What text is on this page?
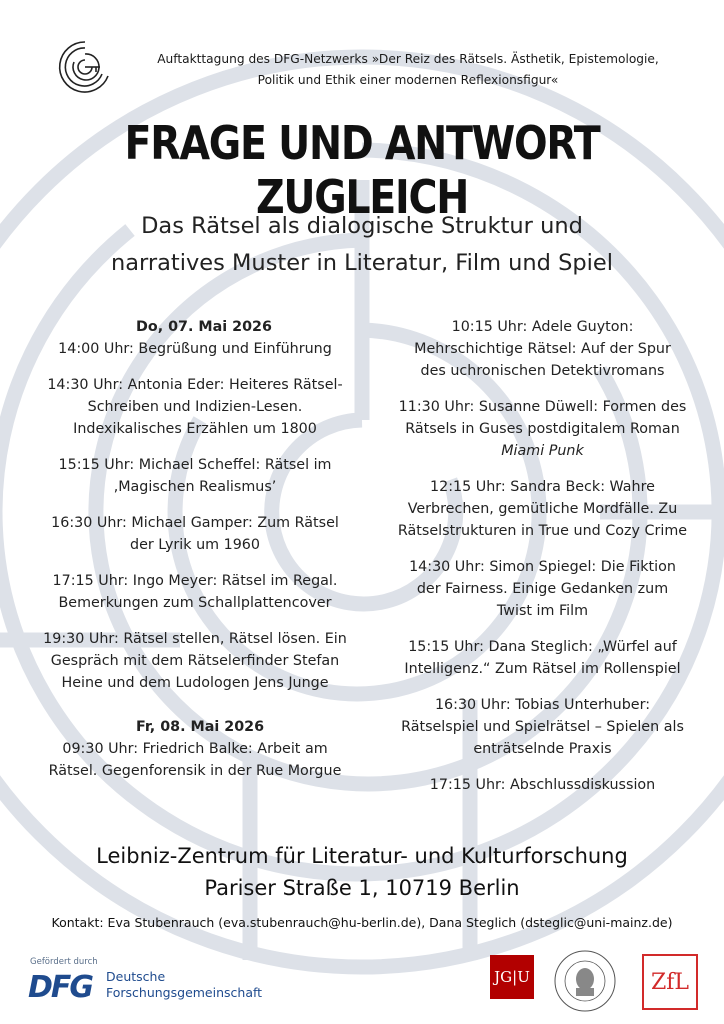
Auftakttagung des DFG-Netzwerks »Der Reiz des Rätsels. Ästhetik, Epistemologie,
Politik und Ethik einer modernen Reflexionsfigur«
FRAGE UND ANTWORT ZUGLEICH
Das Rätsel als dialogische Struktur und
narratives Muster in Literatur, Film und Spiel
Do, 07. Mai 2026
14:00 Uhr: Begrüßung und Einführung
14:30 Uhr: Antonia Eder: Heiteres Rätsel-
Schreiben und Indizien-Lesen.
Indexikalisches Erzählen um 1800
15:15 Uhr: Michael Scheffel: Rätsel im
‚Magischen Realismus’
16:30 Uhr: Michael Gamper: Zum Rätsel
der Lyrik um 1960
17:15 Uhr: Ingo Meyer: Rätsel im Regal.
Bemerkungen zum Schallplattencover
19:30 Uhr: Rätsel stellen, Rätsel lösen. Ein
Gespräch mit dem Rätselerfinder Stefan
Heine und dem Ludologen Jens Junge
Fr, 08. Mai 2026
09:30 Uhr: Friedrich Balke: Arbeit am
Rätsel. Gegenforensik in der Rue Morgue
10:15 Uhr: Adele Guyton:
Mehrschichtige Rätsel: Auf der Spur
des uchronischen Detektivromans
11:30 Uhr: Susanne Düwell: Formen des
Rätsels in Guses postdigitalem Roman
Miami Punk
12:15 Uhr: Sandra Beck: Wahre
Verbrechen, gemütliche Mordfälle. Zu
Rätselstrukturen in True und Cozy Crime
14:30 Uhr: Simon Spiegel: Die Fiktion
der Fairness. Einige Gedanken zum
Twist im Film
15:15 Uhr: Dana Steglich: „Würfel auf
Intelligenz.“ Zum Rätsel im Rollenspiel
16:30 Uhr: Tobias Unterhuber:
Rätselspiel und Spielrätsel – Spielen als
enträtselnde Praxis
17:15 Uhr: Abschlussdiskussion
Leibniz-Zentrum für Literatur- und Kulturforschung
Pariser Straße 1, 10719 Berlin
Kontakt: Eva Stubenrauch (eva.stubenrauch@hu-berlin.de), Dana Steglich (dsteglic@uni-mainz.de)
Gefördert durch
DFG	Deutsche
Forschungsgemeinschaft
JG|U	ZfL
